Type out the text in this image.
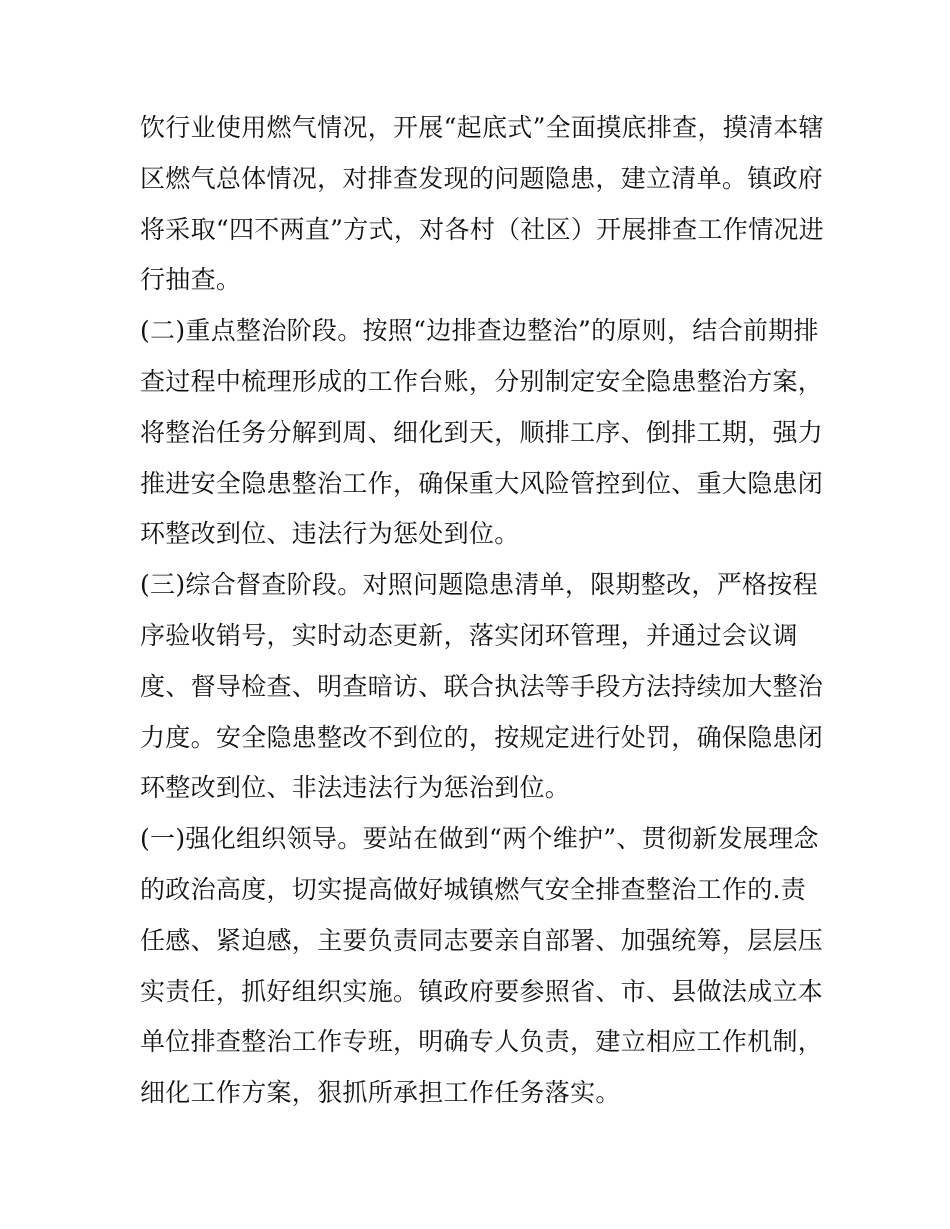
饮行业使用燃气情况，开展“起底式”全面摸底排查，摸清本辖
区燃气总体情况，对排查发现的问题隐患，建立清单。镇政府
将采取“四不两直”方式，对各村（社区）开展排查工作情况进
行抽查。
(二)重点整治阶段。按照“边排查边整治”的原则，结合前期排
查过程中梳理形成的工作台账，分别制定安全隐患整治方案，
将整治任务分解到周、细化到天，顺排工序、倒排工期，强力
推进安全隐患整治工作，确保重大风险管控到位、重大隐患闭
环整改到位、违法行为惩处到位。
(三)综合督查阶段。对照问题隐患清单，限期整改，严格按程
序验收销号，实时动态更新，落实闭环管理，并通过会议调
度、督导检查、明查暗访、联合执法等手段方法持续加大整治
力度。安全隐患整改不到位的，按规定进行处罚，确保隐患闭
环整改到位、非法违法行为惩治到位。
(一)强化组织领导。要站在做到“两个维护”、贯彻新发展理念
的政治高度，切实提高做好城镇燃气安全排查整治工作的.责
任感、紧迫感，主要负责同志要亲自部署、加强统筹，层层压
实责任，抓好组织实施。镇政府要参照省、市、县做法成立本
单位排查整治工作专班，明确专人负责，建立相应工作机制，
细化工作方案，狠抓所承担工作任务落实。
